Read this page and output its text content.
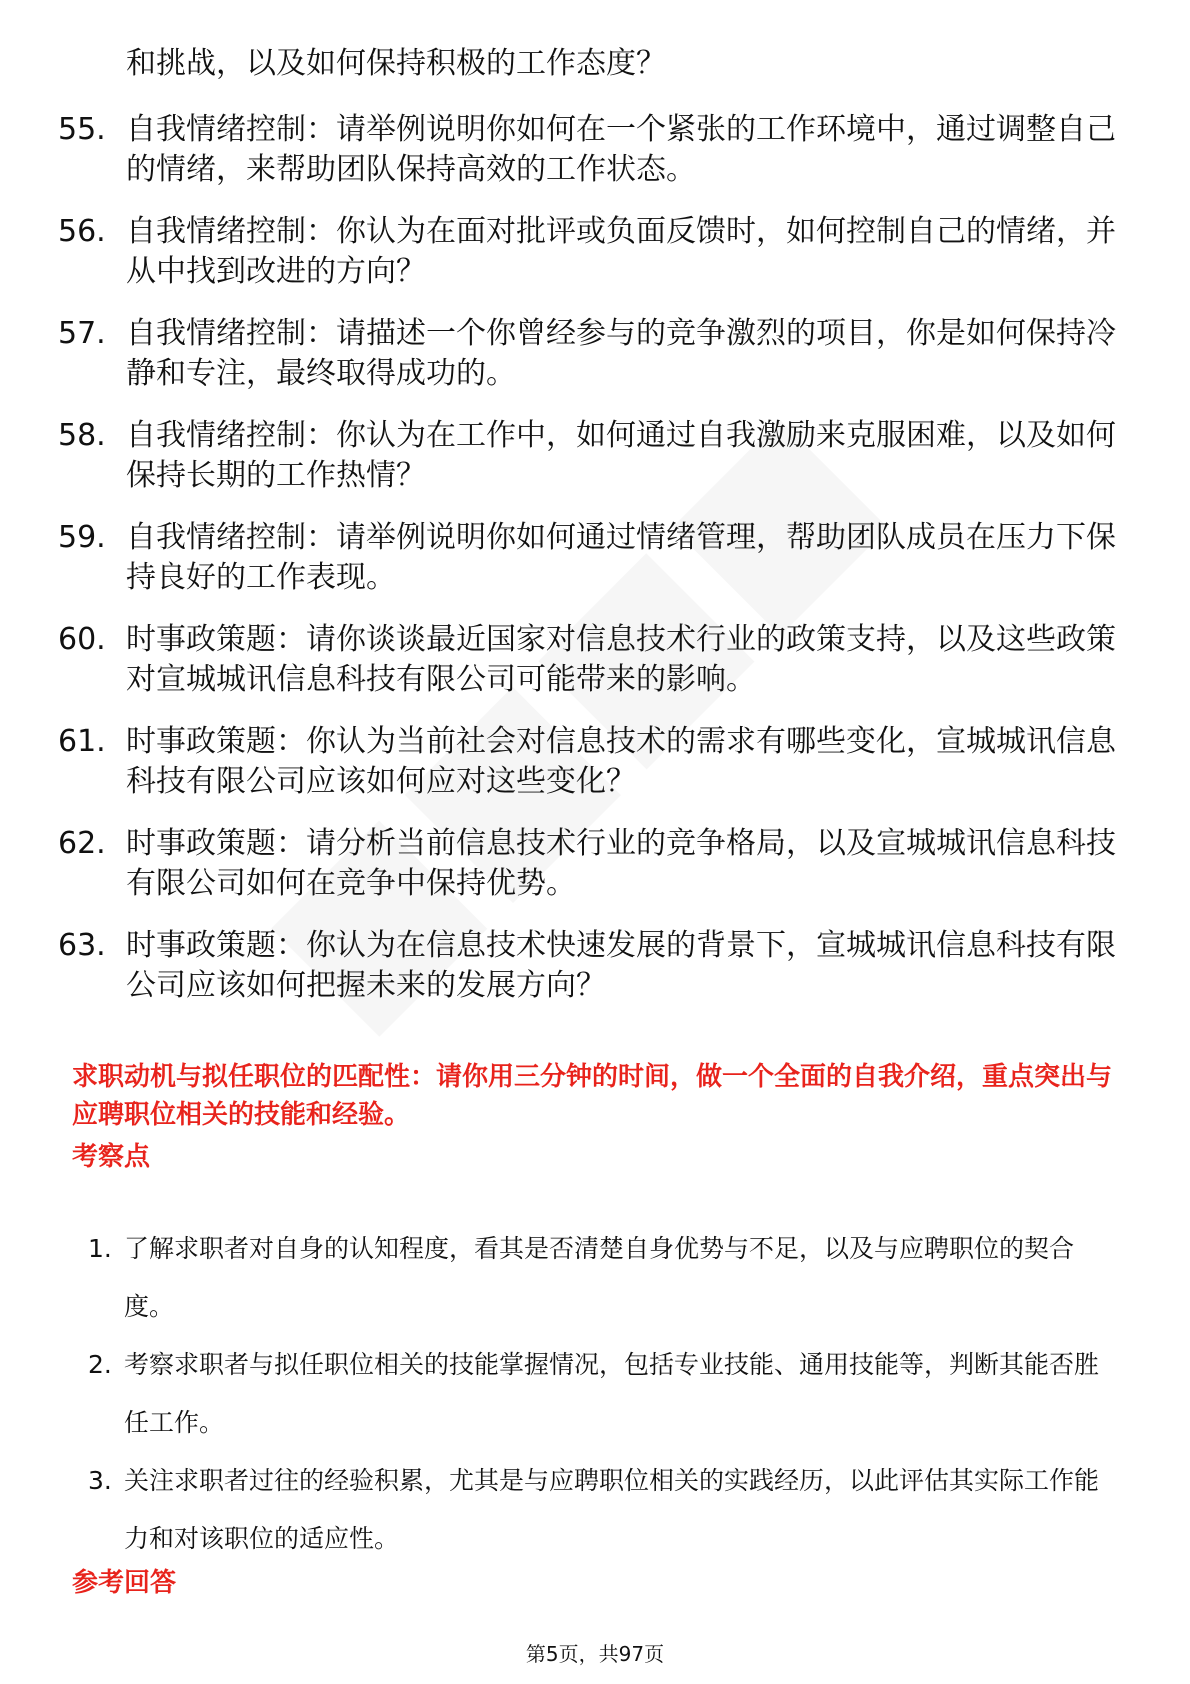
和挑战，以及如何保持积极的工作态度？
55. 自我情绪控制：请举例说明你如何在一个紧张的工作环境中，通过调整自己的情绪，来帮助团队保持高效的工作状态。
56. 自我情绪控制：你认为在面对批评或负面反馈时，如何控制自己的情绪，并从中找到改进的方向？
57. 自我情绪控制：请描述一个你曾经参与的竞争激烈的项目，你是如何保持冷静和专注，最终取得成功的。
58. 自我情绪控制：你认为在工作中，如何通过自我激励来克服困难，以及如何保持长期的工作热情？
59. 自我情绪控制：请举例说明你如何通过情绪管理，帮助团队成员在压力下保持良好的工作表现。
60. 时事政策题：请你谈谈最近国家对信息技术行业的政策支持，以及这些政策对宣城城讯信息科技有限公司可能带来的影响。
61. 时事政策题：你认为当前社会对信息技术的需求有哪些变化，宣城城讯信息科技有限公司应该如何应对这些变化？
62. 时事政策题：请分析当前信息技术行业的竞争格局，以及宣城城讯信息科技有限公司如何在竞争中保持优势。
63. 时事政策题：你认为在信息技术快速发展的背景下，宣城城讯信息科技有限公司应该如何把握未来的发展方向？
求职动机与拟任职位的匹配性：请你用三分钟的时间，做一个全面的自我介绍，重点突出与应聘职位相关的技能和经验。
考察点
1. 了解求职者对自身的认知程度，看其是否清楚自身优势与不足，以及与应聘职位的契合度。
2. 考察求职者与拟任职位相关的技能掌握情况，包括专业技能、通用技能等，判断其能否胜任工作。
3. 关注求职者过往的经验积累，尤其是与应聘职位相关的实践经历，以此评估其实际工作能力和对该职位的适应性。
参考回答
第5页，共97页
